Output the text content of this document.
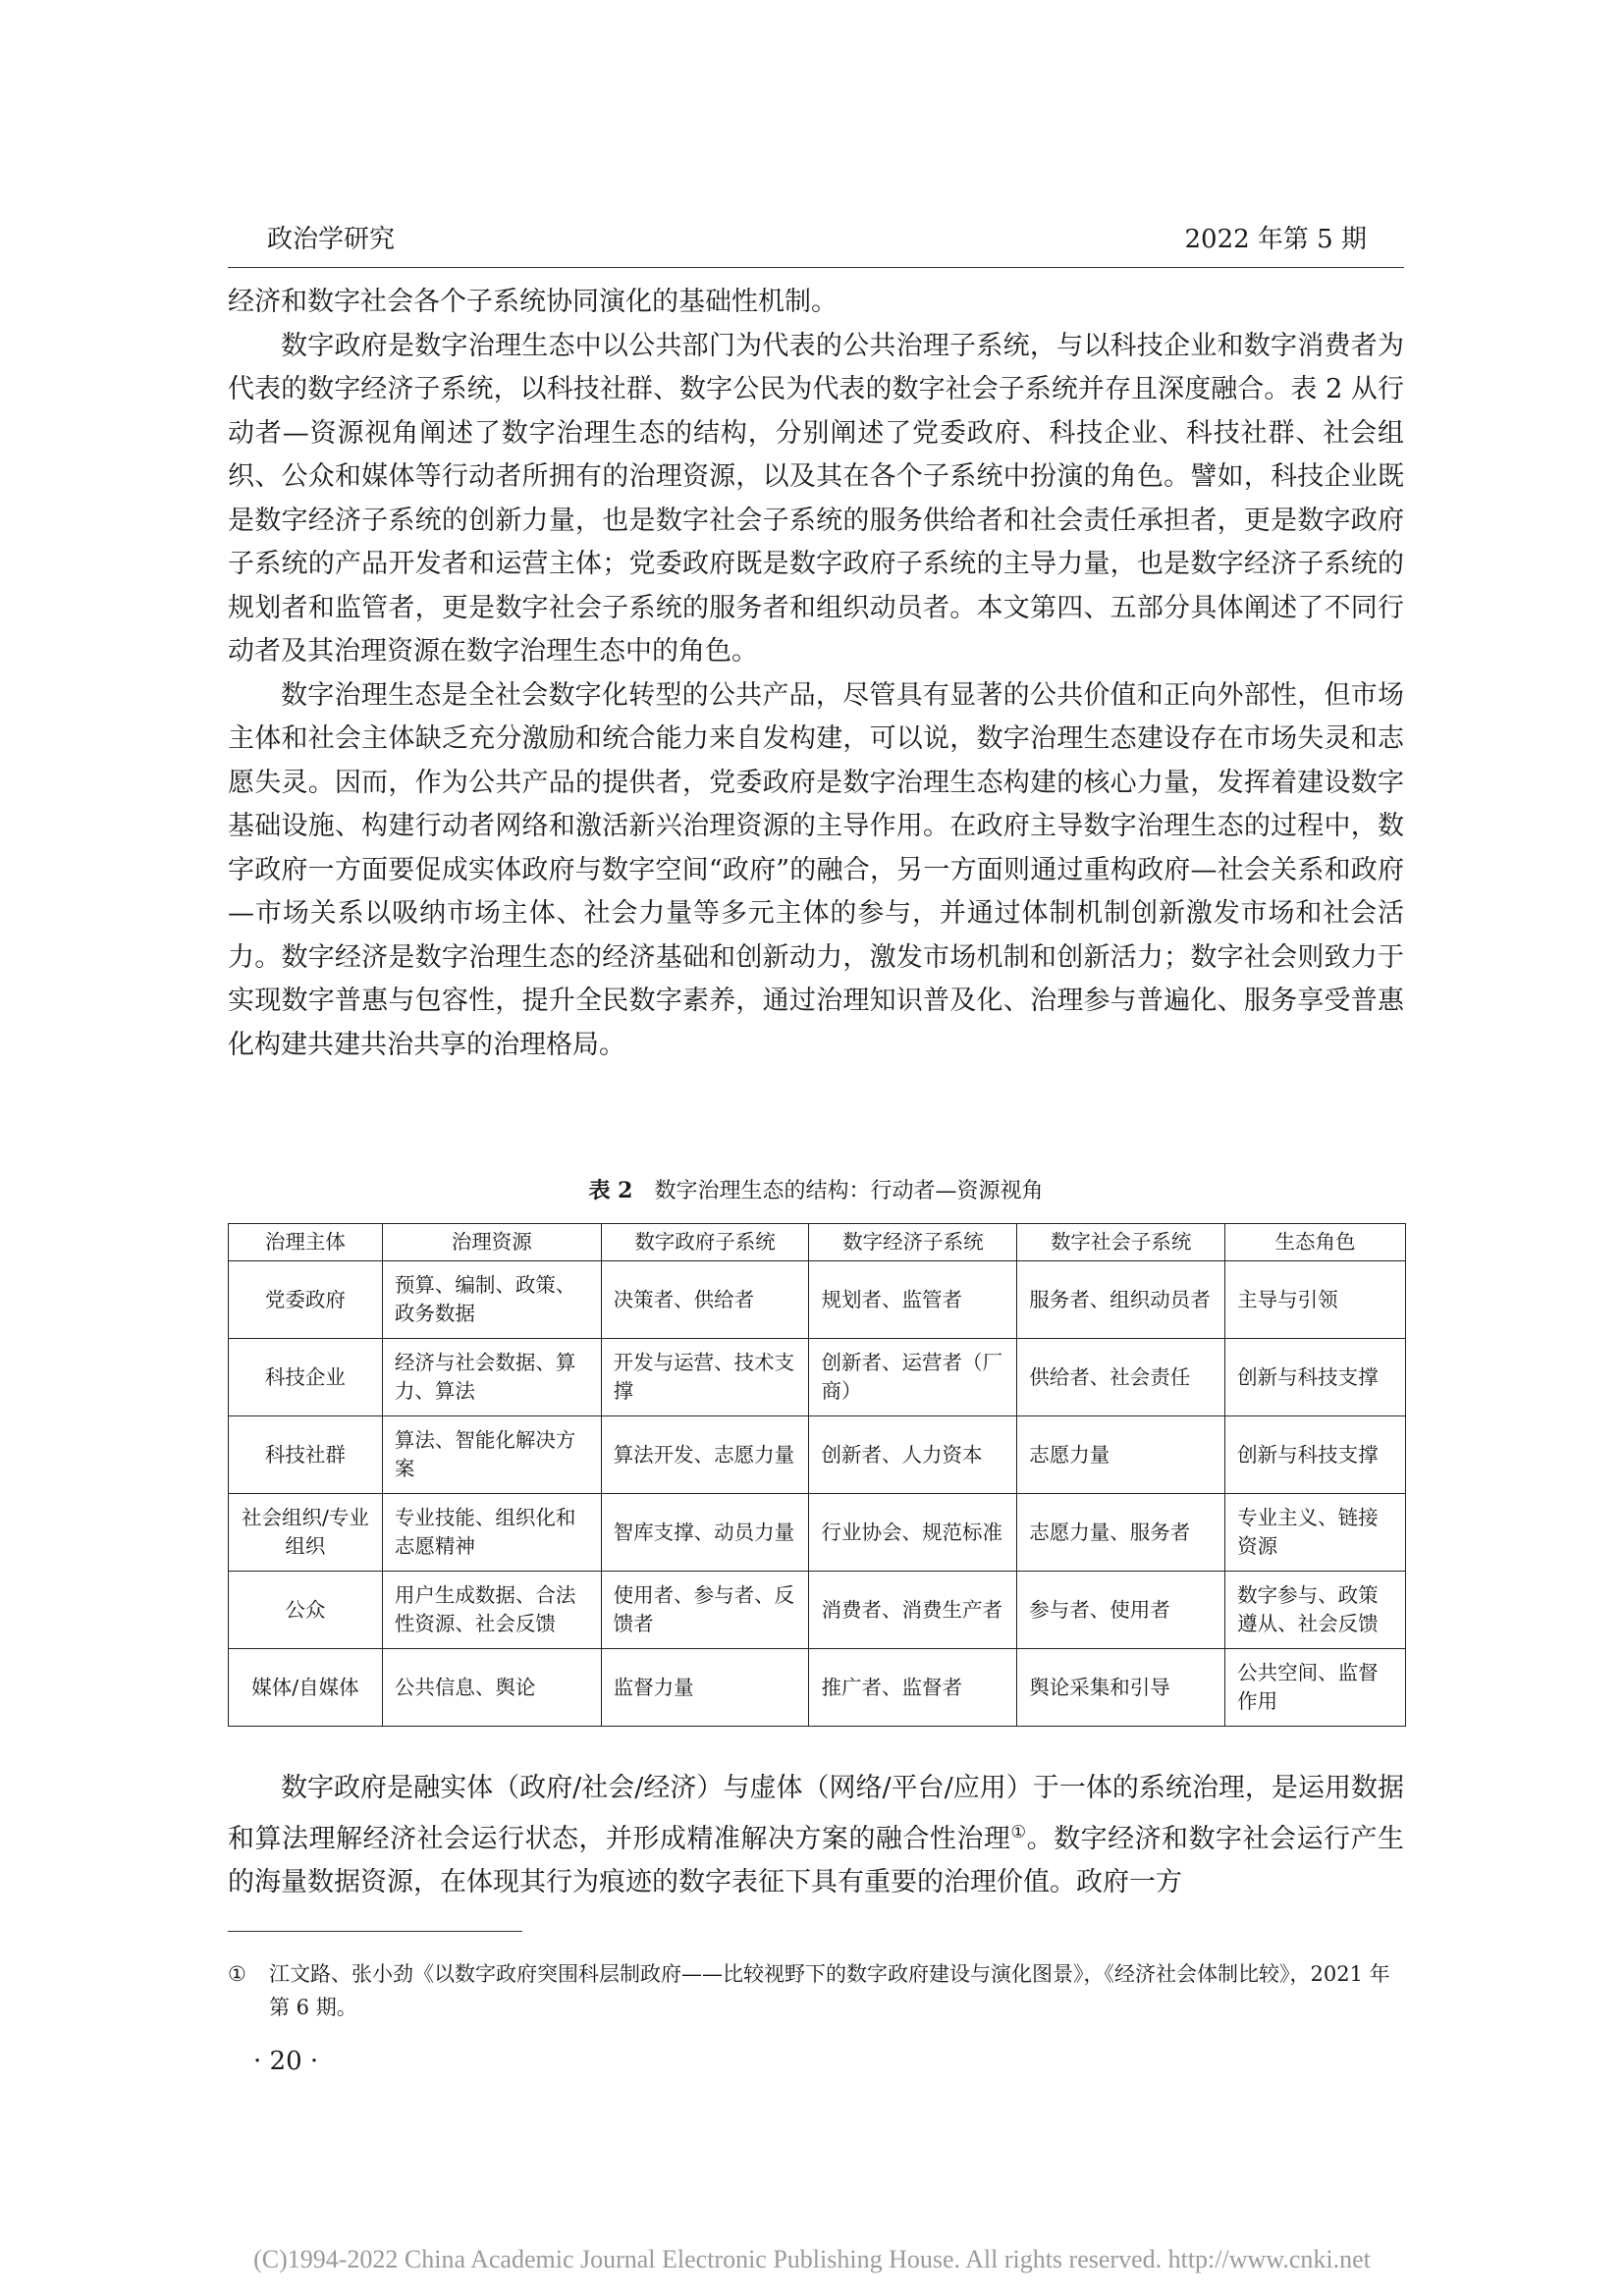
政治学研究	2022 年第 5 期

经济和数字社会各个子系统协同演化的基础性机制。

数字政府是数字治理生态中以公共部门为代表的公共治理子系统，与以科技企业和数字消费者为代表的数字经济子系统，以科技社群、数字公民为代表的数字社会子系统并存且深度融合。表 2 从行动者—资源视角阐述了数字治理生态的结构，分别阐述了党委政府、科技企业、科技社群、社会组织、公众和媒体等行动者所拥有的治理资源，以及其在各个子系统中扮演的角色。譬如，科技企业既是数字经济子系统的创新力量，也是数字社会子系统的服务供给者和社会责任承担者，更是数字政府子系统的产品开发者和运营主体；党委政府既是数字政府子系统的主导力量，也是数字经济子系统的规划者和监管者，更是数字社会子系统的服务者和组织动员者。本文第四、五部分具体阐述了不同行动者及其治理资源在数字治理生态中的角色。

数字治理生态是全社会数字化转型的公共产品，尽管具有显著的公共价值和正向外部性，但市场主体和社会主体缺乏充分激励和统合能力来自发构建，可以说，数字治理生态建设存在市场失灵和志愿失灵。因而，作为公共产品的提供者，党委政府是数字治理生态构建的核心力量，发挥着建设数字基础设施、构建行动者网络和激活新兴治理资源的主导作用。在政府主导数字治理生态的过程中，数字政府一方面要促成实体政府与数字空间“政府”的融合，另一方面则通过重构政府—社会关系和政府—市场关系以吸纳市场主体、社会力量等多元主体的参与，并通过体制机制创新激发市场和社会活力。数字经济是数字治理生态的经济基础和创新动力，激发市场机制和创新活力；数字社会则致力于实现数字普惠与包容性，提升全民数字素养，通过治理知识普及化、治理参与普遍化、服务享受普惠化构建共建共治共享的治理格局。

表 2 数字治理生态的结构：行动者—资源视角
治理主体	治理资源	数字政府子系统	数字经济子系统	数字社会子系统	生态角色
党委政府	预算、编制、政策、政务数据	决策者、供给者	规划者、监管者	服务者、组织动员者	主导与引领
科技企业	经济与社会数据、算力、算法	开发与运营、技术支撑	创新者、运营者（厂商）	供给者、社会责任	创新与科技支撑
科技社群	算法、智能化解决方案	算法开发、志愿力量	创新者、人力资本	志愿力量	创新与科技支撑
社会组织/专业组织	专业技能、组织化和志愿精神	智库支撑、动员力量	行业协会、规范标准	志愿力量、服务者	专业主义、链接资源
公众	用户生成数据、合法性资源、社会反馈	使用者、参与者、反馈者	消费者、消费生产者	参与者、使用者	数字参与、政策遵从、社会反馈
媒体/自媒体	公共信息、舆论	监督力量	推广者、监督者	舆论采集和引导	公共空间、监督作用

数字政府是融实体（政府/社会/经济）与虚体（网络/平台/应用）于一体的系统治理，是运用数据和算法理解经济社会运行状态，并形成精准解决方案的融合性治理①。数字经济和数字社会运行产生的海量数据资源，在体现其行为痕迹的数字表征下具有重要的治理价值。政府一方

① 江文路、张小劲《以数字政府突围科层制政府——比较视野下的数字政府建设与演化图景》，《经济社会体制比较》，2021 年第 6 期。
· 20 ·
(C)1994-2022 China Academic Journal Electronic Publishing House. All rights reserved. http://www.cnki.net
